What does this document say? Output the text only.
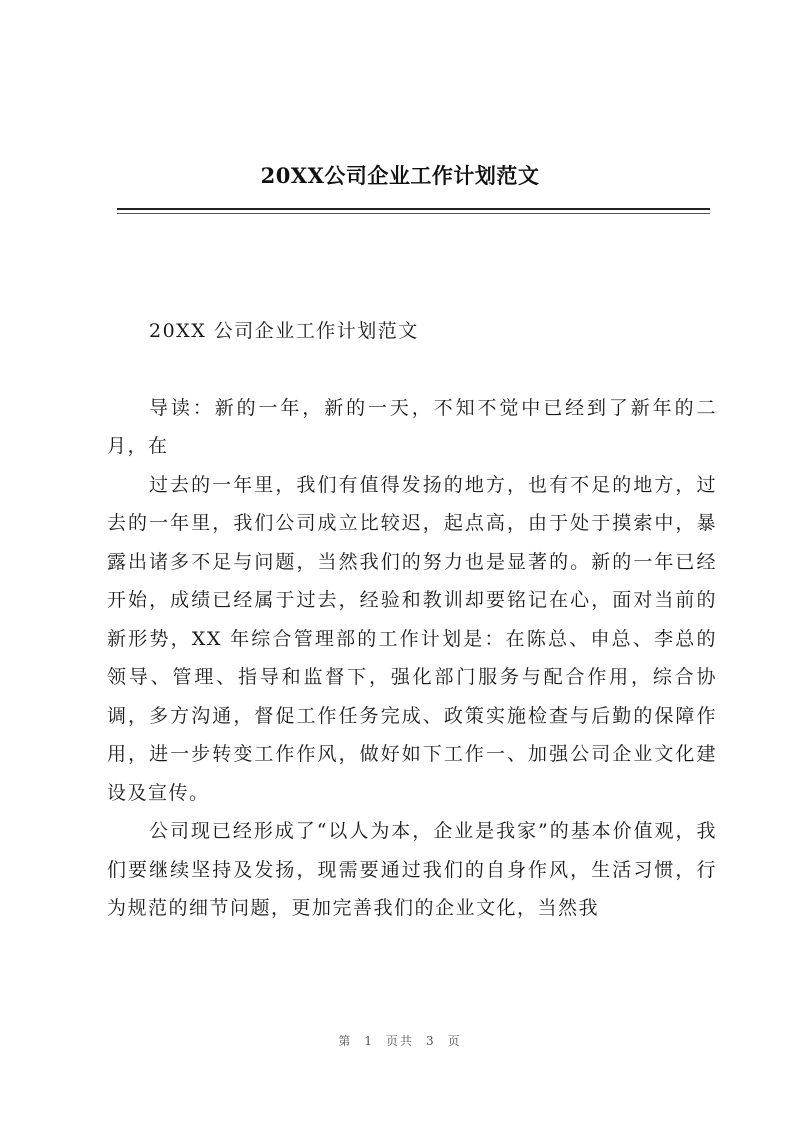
20XX公司企业工作计划范文

20XX 公司企业工作计划范文

导读：新的一年，新的一天，不知不觉中已经到了新年的二月，在

过去的一年里，我们有值得发扬的地方，也有不足的地方，过去的一年里，我们公司成立比较迟，起点高，由于处于摸索中，暴露出诸多不足与问题，当然我们的努力也是显著的。新的一年已经开始，成绩已经属于过去，经验和教训却要铭记在心，面对当前的新形势，XX 年综合管理部的工作计划是：在陈总、申总、李总的领导、管理、指导和监督下，强化部门服务与配合作用，综合协调，多方沟通，督促工作任务完成、政策实施检查与后勤的保障作用，进一步转变工作作风，做好如下工作一、加强公司企业文化建设及宣传。

公司现已经形成了“以人为本，企业是我家”的基本价值观，我们要继续坚持及发扬，现需要通过我们的自身作风，生活习惯，行为规范的细节问题，更加完善我们的企业文化，当然我

第 1 页共 3 页
